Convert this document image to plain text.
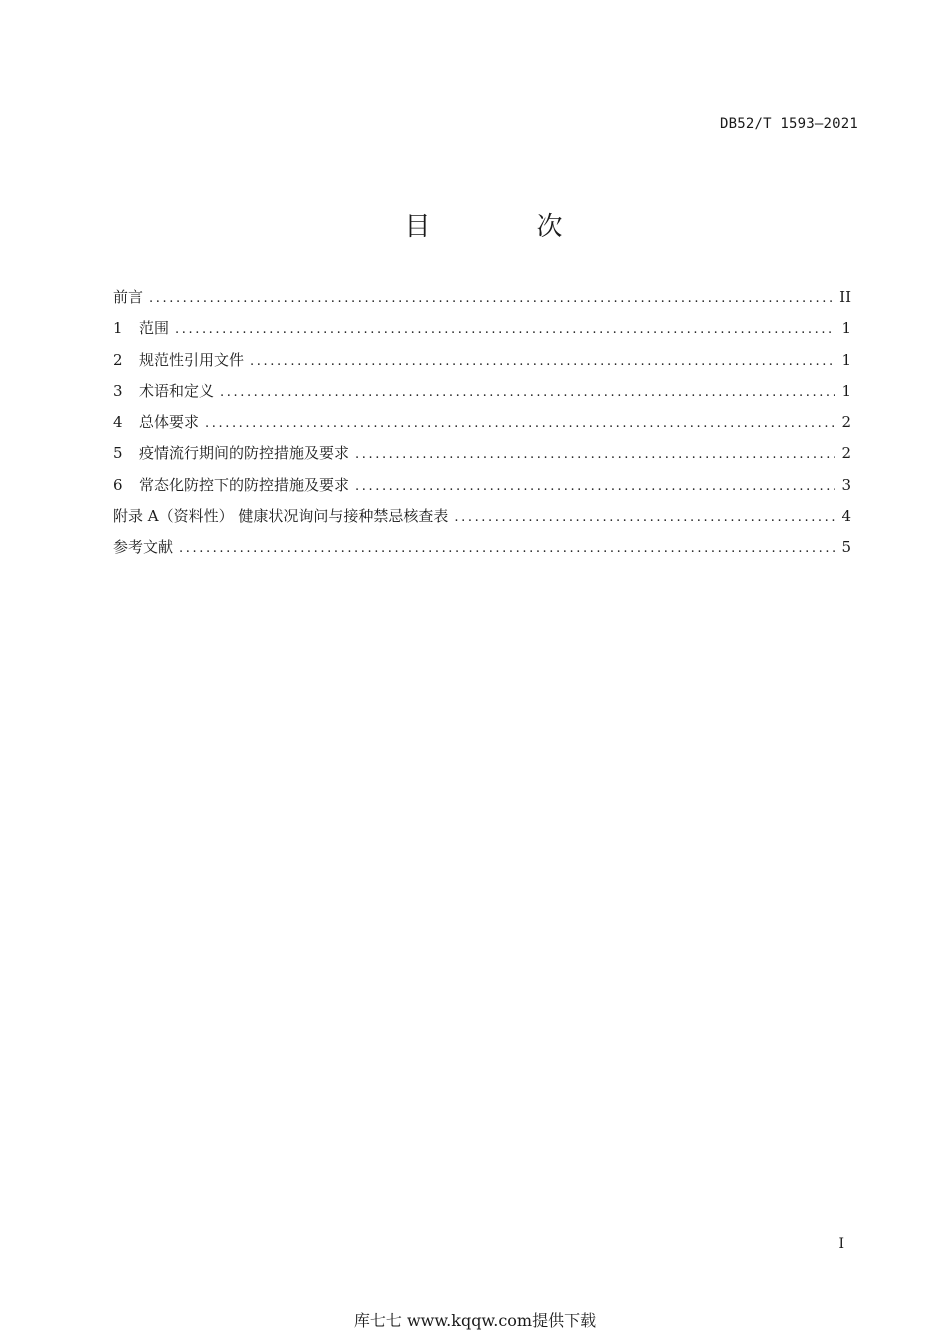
DB52/T 1593—2021
目　次
前言 .....	II
1	范围 .....	1
2	规范性引用文件 .....	1
3	术语和定义 .....	1
4	总体要求 .....	2
5	疫情流行期间的防控措施及要求 .....	2
6	常态化防控下的防控措施及要求 .....	3
附录 A（资料性） 健康状况询问与接种禁忌核查表 .....	4
参考文献 .....	5
I
库七七 www.kqqw.com提供下载
